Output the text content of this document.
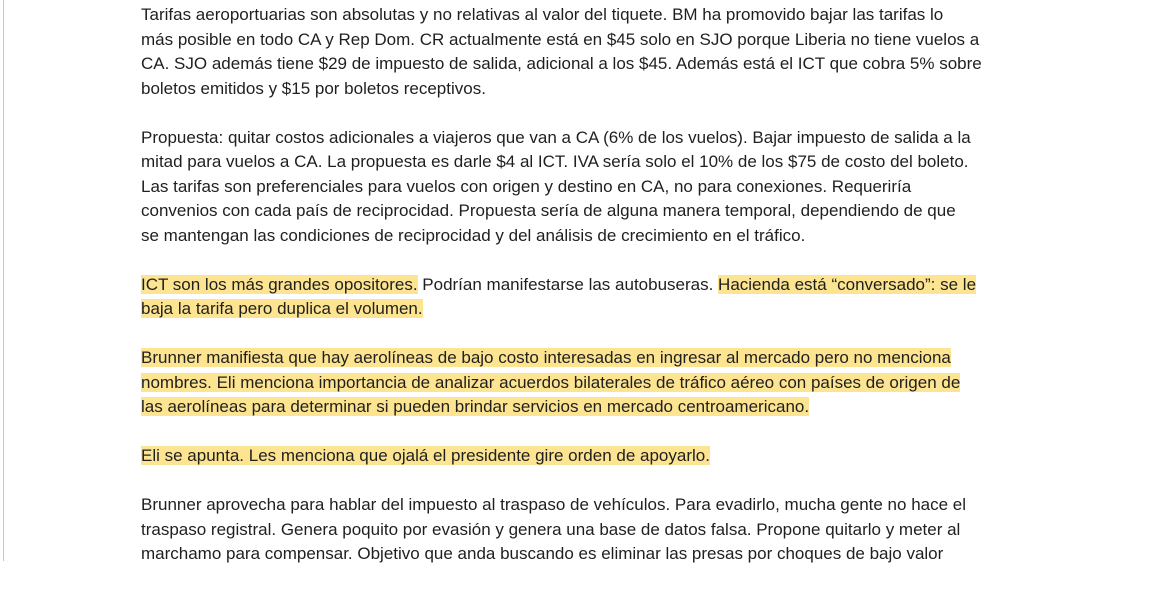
Tarifas aeroportuarias son absolutas y no relativas al valor del tiquete. BM ha promovido bajar las tarifas lo
más posible en todo CA y Rep Dom. CR actualmente está en $45 solo en SJO porque Liberia no tiene vuelos a
CA. SJO además tiene $29 de impuesto de salida, adicional a los $45. Además está el ICT que cobra 5% sobre
boletos emitidos y $15 por boletos receptivos.

Propuesta: quitar costos adicionales a viajeros que van a CA (6% de los vuelos). Bajar impuesto de salida a la
mitad para vuelos a CA. La propuesta es darle $4 al ICT. IVA sería solo el 10% de los $75 de costo del boleto.
Las tarifas son preferenciales para vuelos con origen y destino en CA, no para conexiones. Requeriría
convenios con cada país de reciprocidad. Propuesta sería de alguna manera temporal, dependiendo de que
se mantengan las condiciones de reciprocidad y del análisis de crecimiento en el tráfico.

ICT son los más grandes opositores. Podrían manifestarse las autobuseras. Hacienda está “conversado”: se le
baja la tarifa pero duplica el volumen.

Brunner manifiesta que hay aerolíneas de bajo costo interesadas en ingresar al mercado pero no menciona
nombres. Eli menciona importancia de analizar acuerdos bilaterales de tráfico aéreo con países de origen de
las aerolíneas para determinar si pueden brindar servicios en mercado centroamericano.

Eli se apunta. Les menciona que ojalá el presidente gire orden de apoyarlo.

Brunner aprovecha para hablar del impuesto al traspaso de vehículos. Para evadirlo, mucha gente no hace el
traspaso registral. Genera poquito por evasión y genera una base de datos falsa. Propone quitarlo y meter al
marchamo para compensar. Objetivo que anda buscando es eliminar las presas por choques de bajo valor
